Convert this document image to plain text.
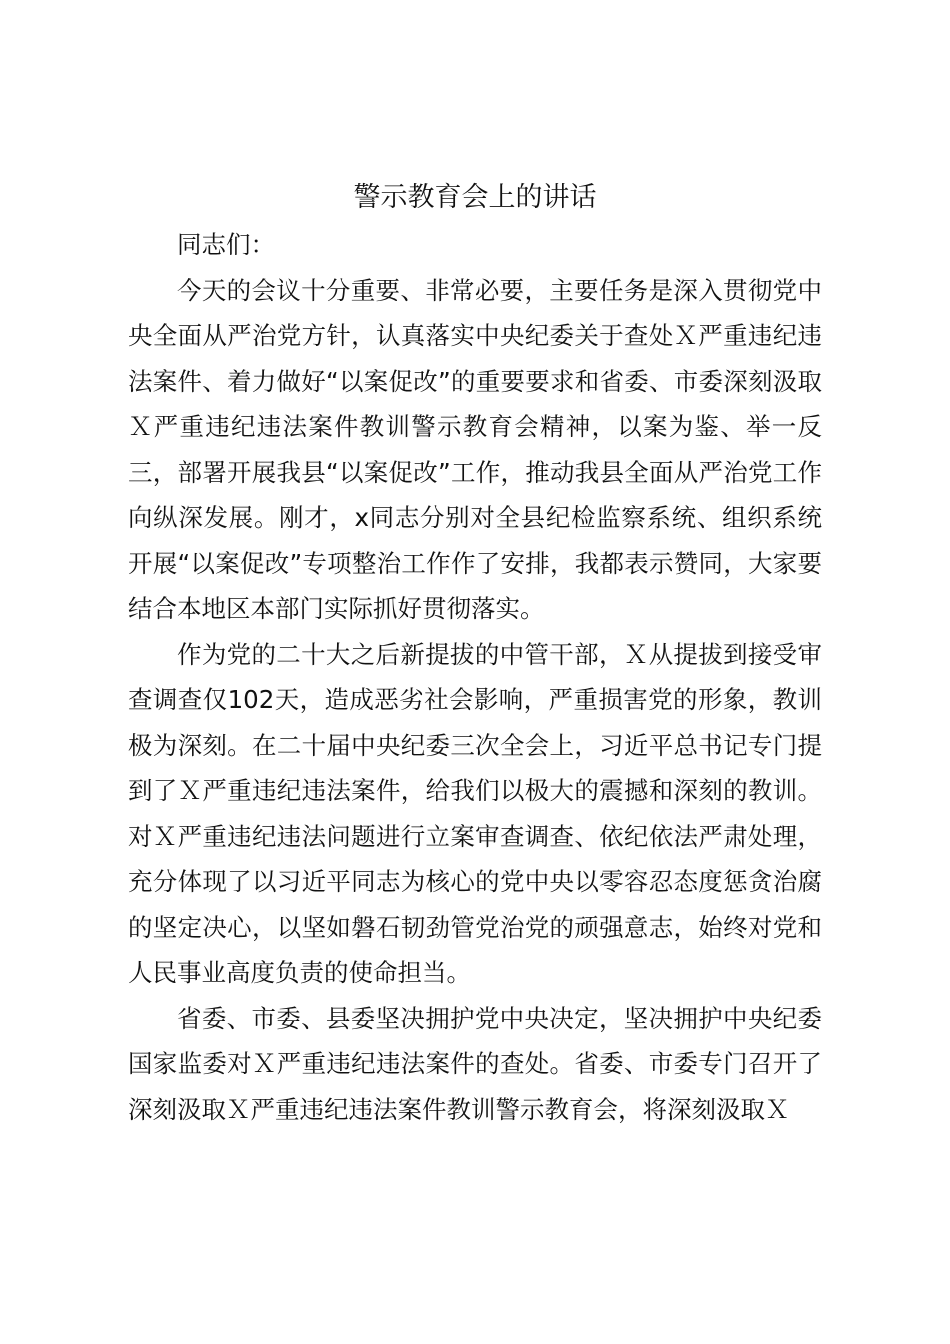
警示教育会上的讲话

同志们：

今天的会议十分重要、非常必要，主要任务是深入贯彻党中央全面从严治党方针，认真落实中央纪委关于查处Ｘ严重违纪违法案件、着力做好“以案促改”的重要要求和省委、市委深刻汲取Ｘ严重违纪违法案件教训警示教育会精神，以案为鉴、举一反三，部署开展我县“以案促改”工作，推动我县全面从严治党工作向纵深发展。刚才，x同志分别对全县纪检监察系统、组织系统开展“以案促改”专项整治工作作了安排，我都表示赞同，大家要结合本地区本部门实际抓好贯彻落实。

作为党的二十大之后新提拔的中管干部，Ｘ从提拔到接受审查调查仅102天，造成恶劣社会影响，严重损害党的形象，教训极为深刻。在二十届中央纪委三次全会上，习近平总书记专门提到了Ｘ严重违纪违法案件，给我们以极大的震撼和深刻的教训。对Ｘ严重违纪违法问题进行立案审查调查、依纪依法严肃处理，充分体现了以习近平同志为核心的党中央以零容忍态度惩贪治腐的坚定决心，以坚如磐石韧劲管党治党的顽强意志，始终对党和人民事业高度负责的使命担当。

省委、市委、县委坚决拥护党中央决定，坚决拥护中央纪委国家监委对Ｘ严重违纪违法案件的查处。省委、市委专门召开了深刻汲取Ｘ严重违纪违法案件教训警示教育会，将深刻汲取Ｘ
